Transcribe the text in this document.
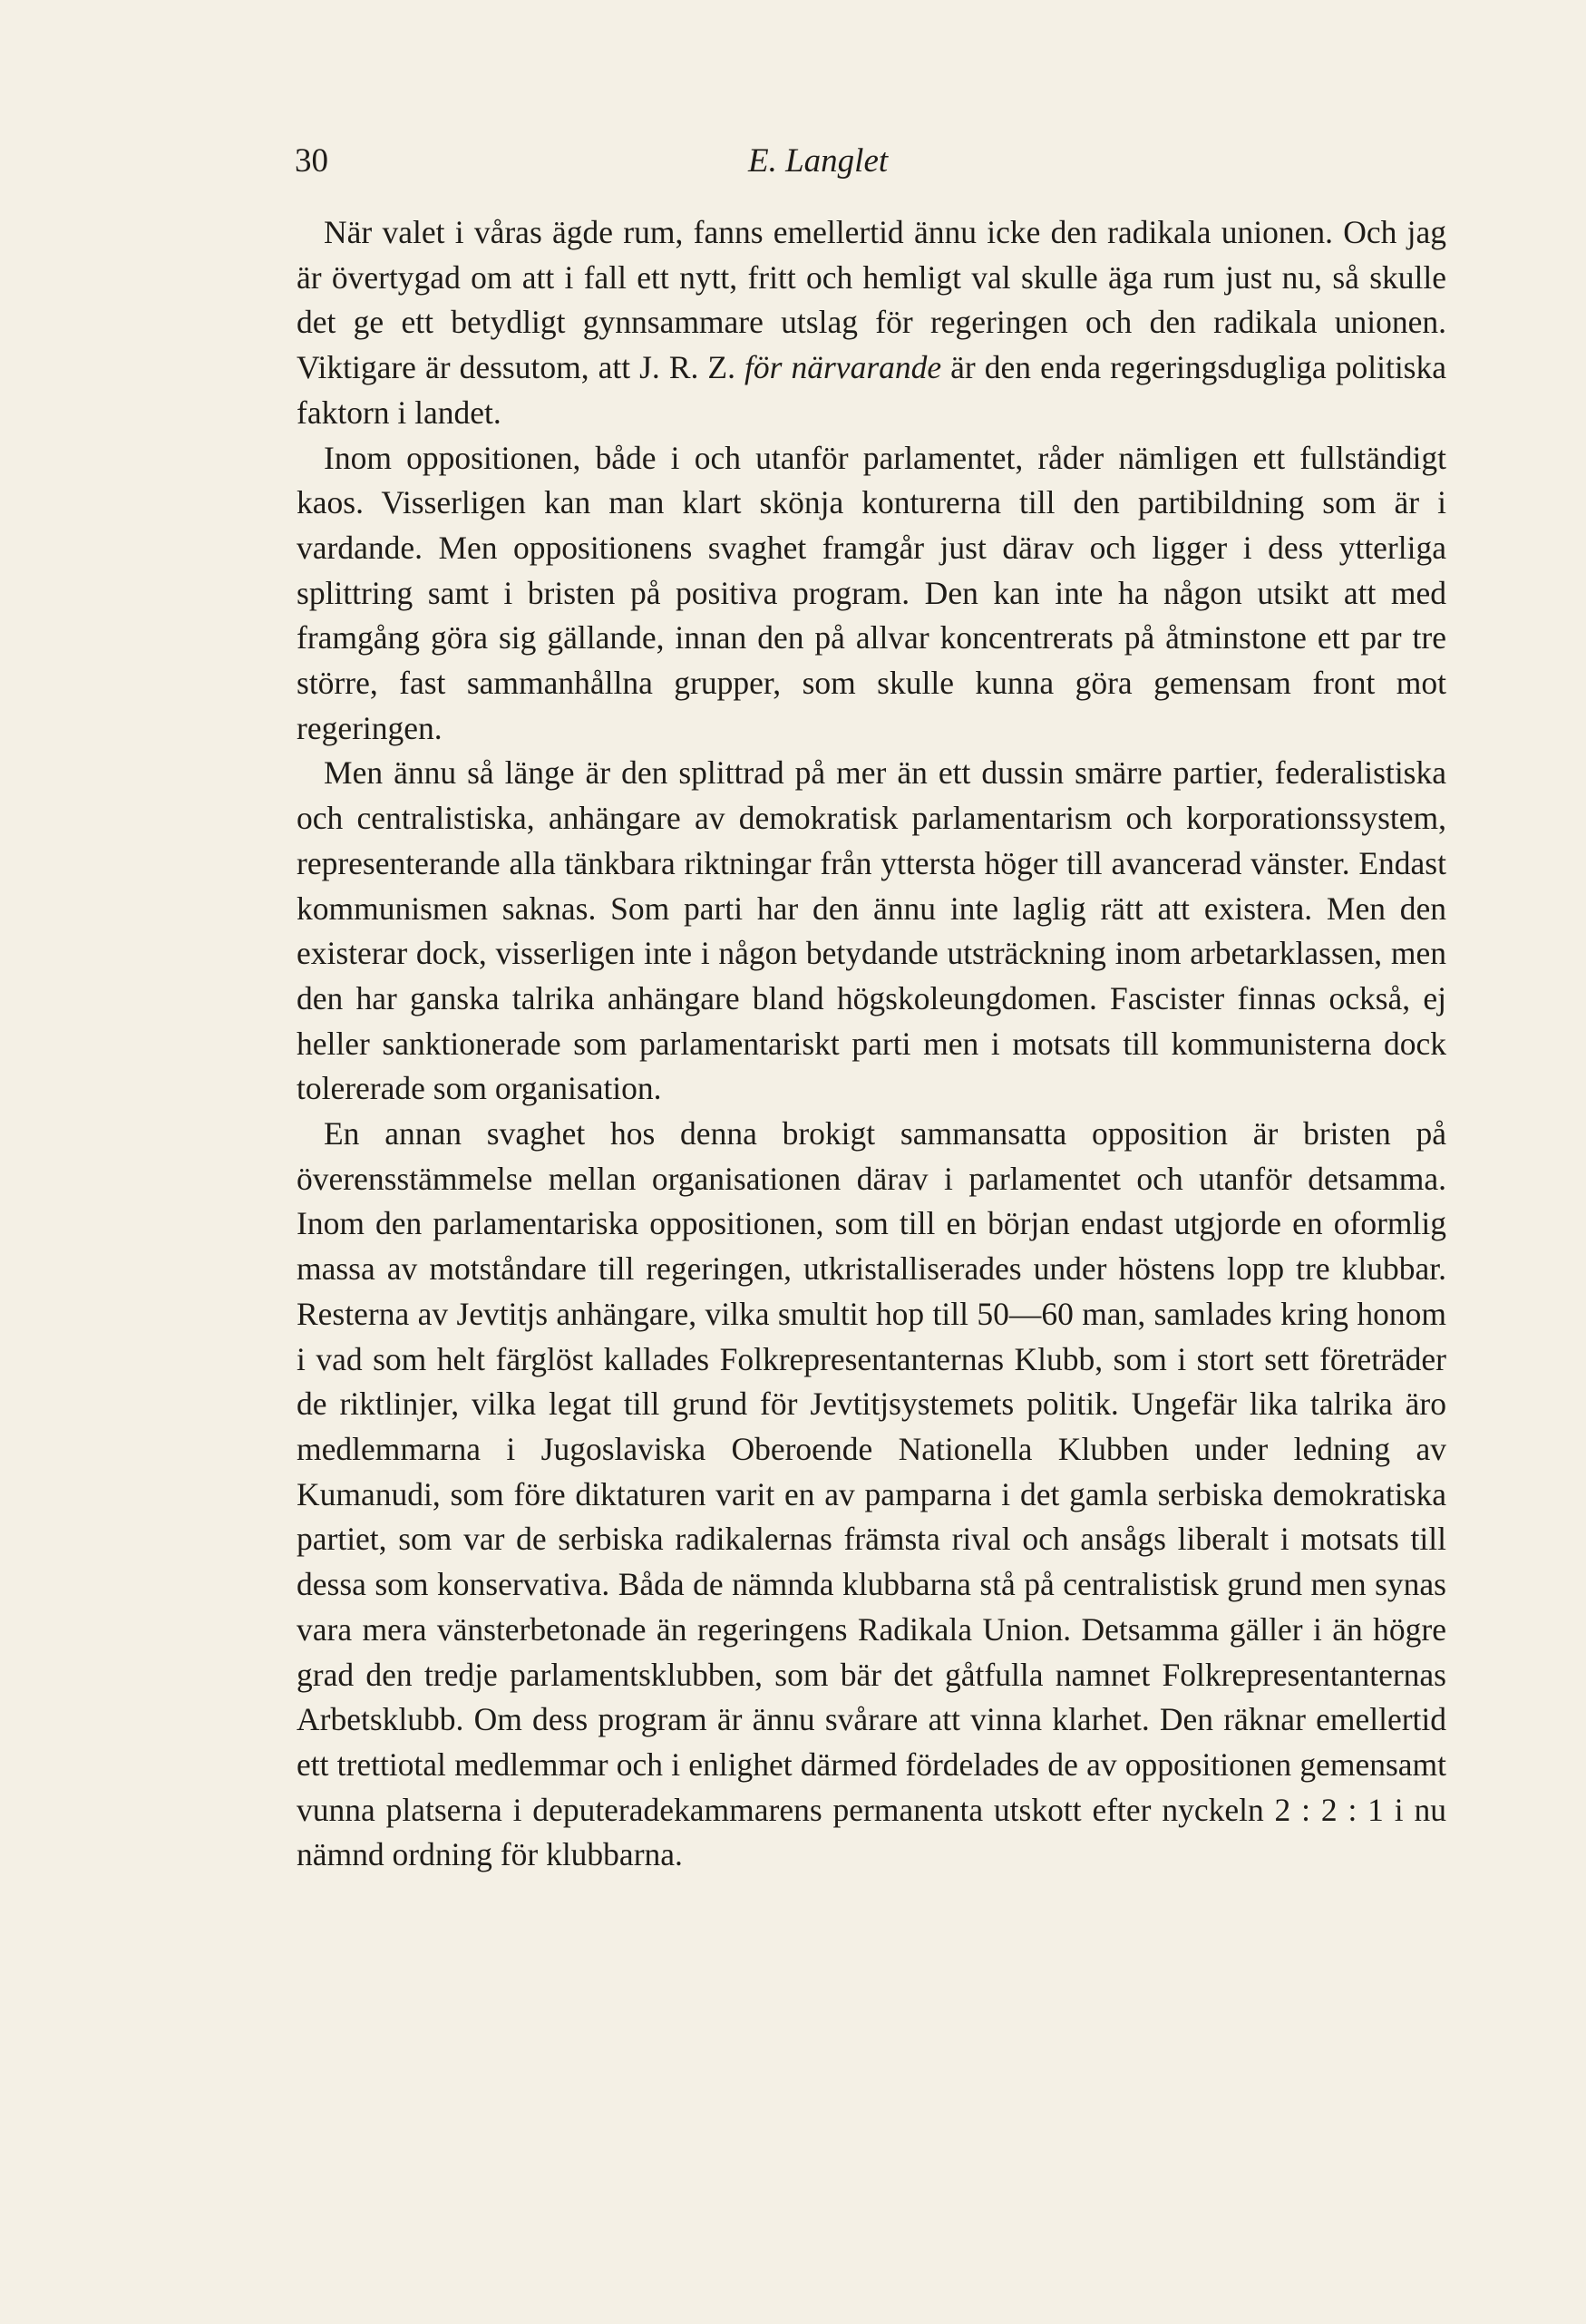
30	E. Langlet

När valet i våras ägde rum, fanns emellertid ännu icke den radikala unionen. Och jag är övertygad om att i fall ett nytt, fritt och hemligt val skulle äga rum just nu, så skulle det ge ett betydligt gynnsammare utslag för regeringen och den radikala unionen. Viktigare är dessutom, att J. R. Z. för närvarande är den enda regeringsdugliga politiska faktorn i landet.

Inom oppositionen, både i och utanför parlamentet, råder nämligen ett fullständigt kaos. Visserligen kan man klart skönja konturerna till den partibildning som är i vardande. Men oppositionens svaghet framgår just därav och ligger i dess ytterliga splittring samt i bristen på positiva program. Den kan inte ha någon utsikt att med framgång göra sig gällande, innan den på allvar koncentrerats på åtminstone ett par tre större, fast sammanhållna grupper, som skulle kunna göra gemensam front mot regeringen.

Men ännu så länge är den splittrad på mer än ett dussin smärre partier, federalistiska och centralistiska, anhängare av demokratisk parlamentarism och korporationssystem, representerande alla tänkbara riktningar från yttersta höger till avancerad vänster. Endast kommunismen saknas. Som parti har den ännu inte laglig rätt att existera. Men den existerar dock, visserligen inte i någon betydande utsträckning inom arbetarklassen, men den har ganska talrika anhängare bland högskoleungdomen. Fascister finnas också, ej heller sanktionerade som parlamentariskt parti men i motsats till kommunisterna dock tolererade som organisation.

En annan svaghet hos denna brokigt sammansatta opposition är bristen på överensstämmelse mellan organisationen därav i parlamentet och utanför detsamma. Inom den parlamentariska oppositionen, som till en början endast utgjorde en oformlig massa av motståndare till regeringen, utkristalliserades under höstens lopp tre klubbar. Resterna av Jevtitjs anhängare, vilka smultit hop till 50—60 man, samlades kring honom i vad som helt färglöst kallades Folkrepresentanternas Klubb, som i stort sett företräder de riktlinjer, vilka legat till grund för Jevtitjsystemets politik. Ungefär lika talrika äro medlemmarna i Jugoslaviska Oberoende Nationella Klubben under ledning av Kumanudi, som före diktaturen varit en av pamparna i det gamla serbiska demokratiska partiet, som var de serbiska radikalernas främsta rival och ansågs liberalt i motsats till dessa som konservativa. Båda de nämnda klubbarna stå på centralistisk grund men synas vara mera vänsterbetonade än regeringens Radikala Union. Detsamma gäller i än högre grad den tredje parlamentsklubben, som bär det gåtfulla namnet Folkrepresentanternas Arbetsklubb. Om dess program är ännu svårare att vinna klarhet. Den räknar emellertid ett trettiotal medlemmar och i enlighet därmed fördelades de av oppositionen gemensamt vunna platserna i deputeradekammarens permanenta utskott efter nyckeln 2 : 2 : 1 i nu nämnd ordning för klubbarna.
